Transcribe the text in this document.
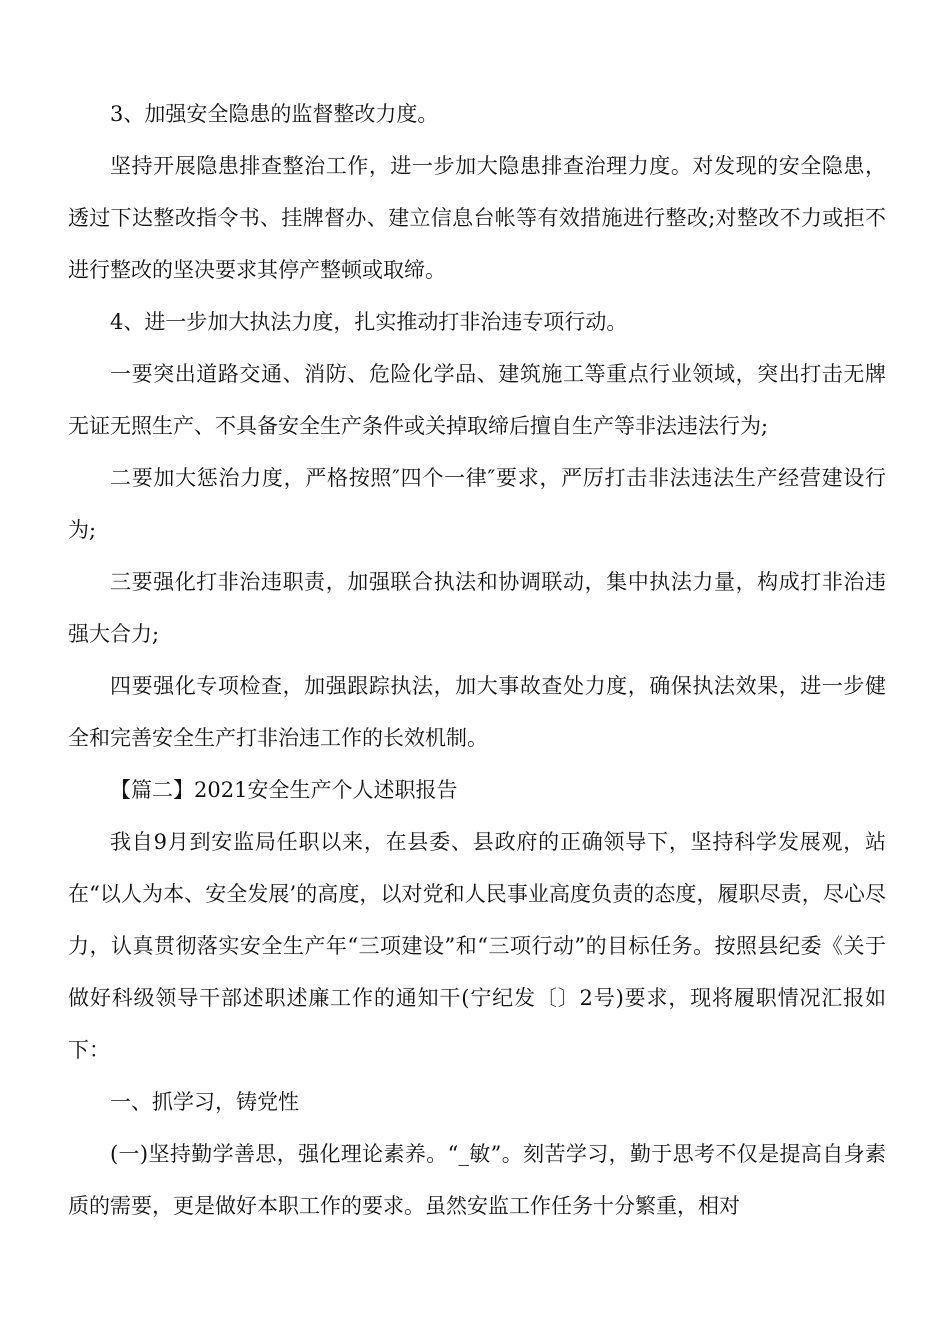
3、加强安全隐患的监督整改力度。

坚持开展隐患排查整治工作，进一步加大隐患排查治理力度。对发现的安全隐患，透过下达整改指令书、挂牌督办、建立信息台帐等有效措施进行整改;对整改不力或拒不进行整改的坚决要求其停产整顿或取缔。

4、进一步加大执法力度，扎实推动打非治违专项行动。

一要突出道路交通、消防、危险化学品、建筑施工等重点行业领域，突出打击无牌无证无照生产、不具备安全生产条件或关掉取缔后擅自生产等非法违法行为;

二要加大惩治力度，严格按照″四个一律″要求，严厉打击非法违法生产经营建设行为;

三要强化打非治违职责，加强联合执法和协调联动，集中执法力量，构成打非治违强大合力;

四要强化专项检查，加强跟踪执法，加大事故查处力度，确保执法效果，进一步健全和完善安全生产打非治违工作的长效机制。

【篇二】2021安全生产个人述职报告

我自9月到安监局任职以来，在县委、县政府的正确领导下，坚持科学发展观，站在“以人为本、安全发展’的高度，以对党和人民事业高度负责的态度，履职尽责，尽心尽力，认真贯彻落实安全生产年“三项建设”和“三项行动”的目标任务。按照县纪委《关于做好科级领导干部述职述廉工作的通知干(宁纪发〔〕2号)要求，现将履职情况汇报如下：

一、抓学习，铸党性

(一)坚持勤学善思，强化理论素养。“_敏”。刻苦学习，勤于思考不仅是提高自身素质的需要，更是做好本职工作的要求。虽然安监工作任务十分繁重，相对
